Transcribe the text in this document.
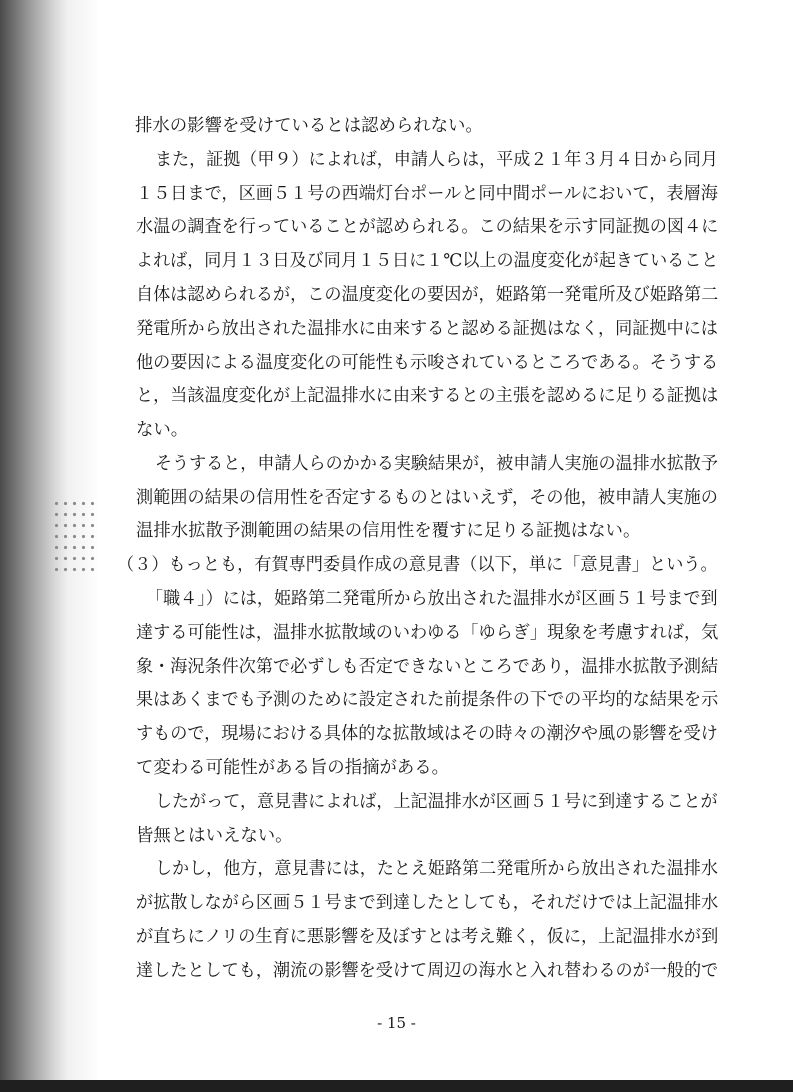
排水の影響を受けているとは認められない。

また，証拠（甲９）によれば，申請人らは，平成２１年３月４日から同月

１５日まで，区画５１号の西端灯台ポールと同中間ポールにおいて，表層海

水温の調査を行っていることが認められる。この結果を示す同証拠の図４に

よれば，同月１３日及び同月１５日に１℃以上の温度変化が起きていること

自体は認められるが，この温度変化の要因が，姫路第一発電所及び姫路第二

発電所から放出された温排水に由来すると認める証拠はなく，同証拠中には

他の要因による温度変化の可能性も示唆されているところである。そうする

と，当該温度変化が上記温排水に由来するとの主張を認めるに足りる証拠は

ない。

そうすると，申請人らのかかる実験結果が，被申請人実施の温排水拡散予

測範囲の結果の信用性を否定するものとはいえず，その他，被申請人実施の

温排水拡散予測範囲の結果の信用性を覆すに足りる証拠はない。

（３）もっとも，有賀専門委員作成の意見書（以下，単に「意見書」という。

「職４」）には，姫路第二発電所から放出された温排水が区画５１号まで到

達する可能性は，温排水拡散域のいわゆる「ゆらぎ」現象を考慮すれば，気

象・海況条件次第で必ずしも否定できないところであり，温排水拡散予測結

果はあくまでも予測のために設定された前提条件の下での平均的な結果を示

すもので，現場における具体的な拡散域はその時々の潮汐や風の影響を受け

て変わる可能性がある旨の指摘がある。

したがって，意見書によれば，上記温排水が区画５１号に到達することが

皆無とはいえない。

しかし，他方，意見書には，たとえ姫路第二発電所から放出された温排水

が拡散しながら区画５１号まで到達したとしても，それだけでは上記温排水

が直ちにノリの生育に悪影響を及ぼすとは考え難く，仮に，上記温排水が到

達したとしても，潮流の影響を受けて周辺の海水と入れ替わるのが一般的で

- 15 -
